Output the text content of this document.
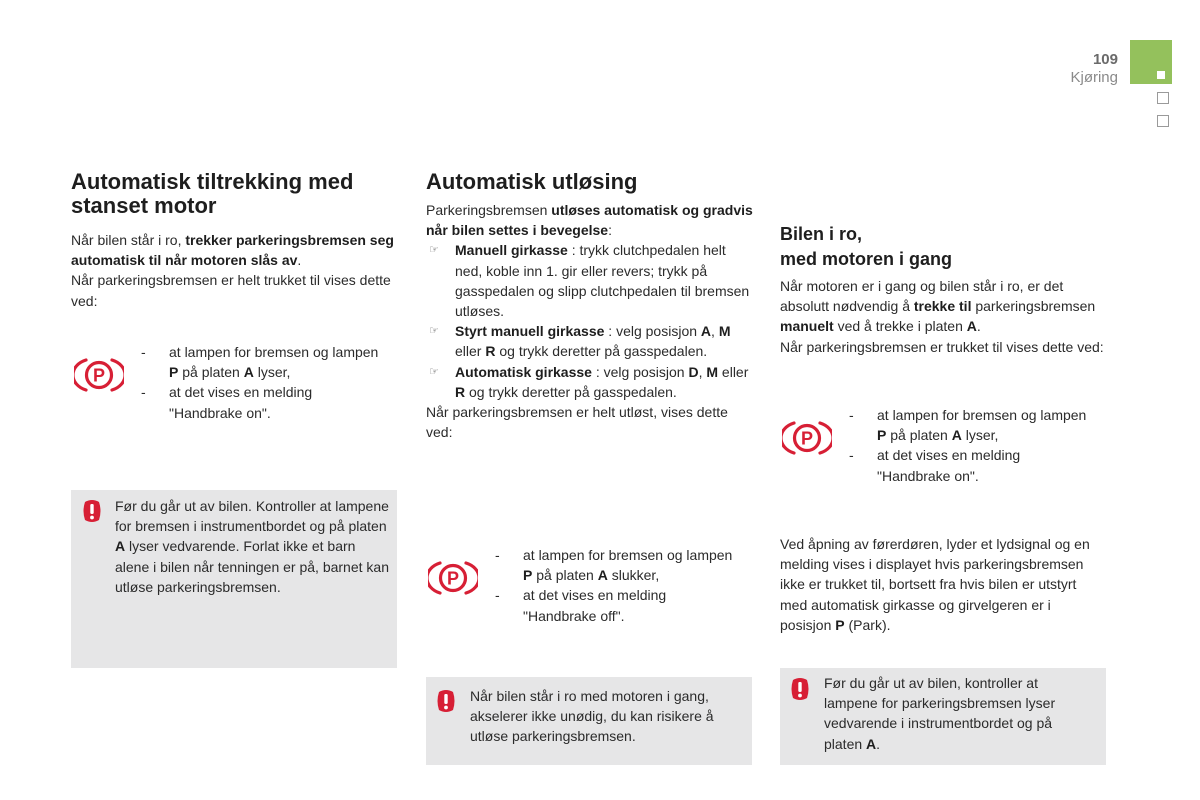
109
Kjøring
Automatisk tiltrekking med
stanset motor

Når bilen står i ro, trekker parkeringsbremsen seg automatisk til når motoren slås av.

Når parkeringsbremsen er helt trukket til vises dette ved:

- at lampen for bremsen og lampen P på platen A lyser,
- at det vises en melding "Handbrake on".

Før du går ut av bilen. Kontroller at lampene for bremsen i instrumentbordet og på platen A lyser vedvarende. Forlat ikke et barn alene i bilen når tenningen er på, barnet kan utløse parkeringsbremsen.

Automatisk utløsing

Parkeringsbremsen utløses automatisk og gradvis når bilen settes i bevegelse:

☞ Manuell girkasse : trykk clutchpedalen helt ned, koble inn 1. gir eller revers; trykk på gasspedalen og slipp clutchpedalen til bremsen utløses.
☞ Styrt manuell girkasse : velg posisjon A, M eller R og trykk deretter på gasspedalen.
☞ Automatisk girkasse : velg posisjon D, M eller R og trykk deretter på gasspedalen.

Når parkeringsbremsen er helt utløst, vises dette ved:

- at lampen for bremsen og lampen P på platen A slukker,
- at det vises en melding "Handbrake off".

Når bilen står i ro med motoren i gang, akselerer ikke unødig, du kan risikere å utløse parkeringsbremsen.

Bilen i ro,
med motoren i gang

Når motoren er i gang og bilen står i ro, er det absolutt nødvendig å trekke til parkeringsbremsen manuelt ved å trekke i platen A.

Når parkeringsbremsen er trukket til vises dette ved:

- at lampen for bremsen og lampen P på platen A lyser,
- at det vises en melding "Handbrake on".

Ved åpning av førerdøren, lyder et lydsignal og en melding vises i displayet hvis parkeringsbremsen ikke er trukket til, bortsett fra hvis bilen er utstyrt med automatisk girkasse og girvelgeren er i posisjon P (Park).

Før du går ut av bilen, kontroller at lampene for parkeringsbremsen lyser vedvarende i instrumentbordet og på platen A.
